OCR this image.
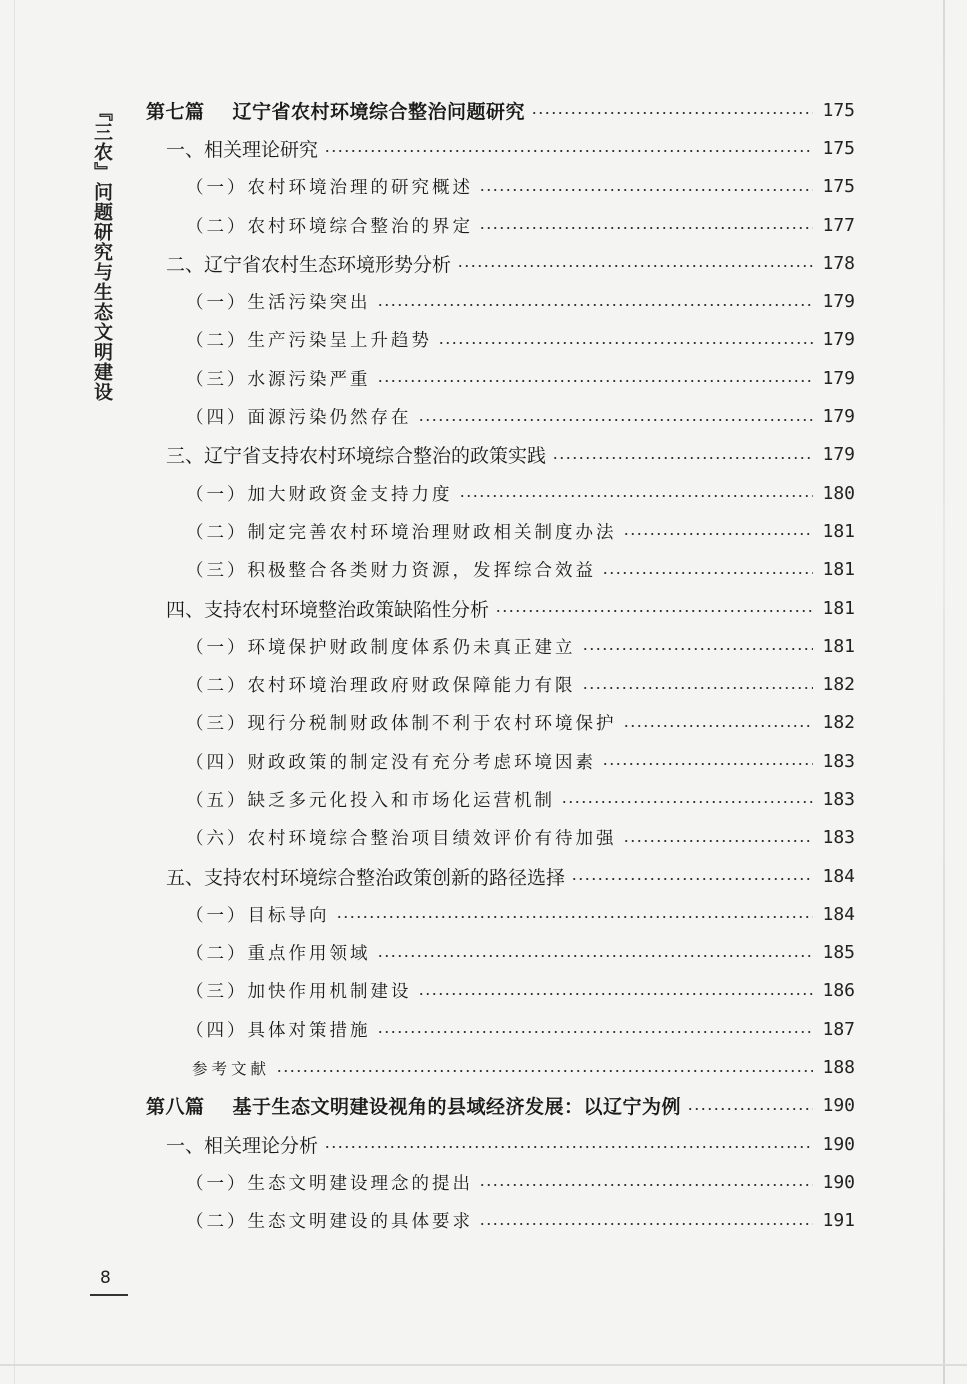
『三农』问题研究与生态文明建设	第七篇 辽宁省农村环境综合整治问题研究	175
一、相关理论研究	175
（一）农村环境治理的研究概述	175
（二）农村环境综合整治的界定	177
二、辽宁省农村生态环境形势分析	178
（一）生活污染突出	179
（二）生产污染呈上升趋势	179
（三）水源污染严重	179
（四）面源污染仍然存在	179
三、辽宁省支持农村环境综合整治的政策实践	179
（一）加大财政资金支持力度	180
（二）制定完善农村环境治理财政相关制度办法	181
（三）积极整合各类财力资源，发挥综合效益	181
四、支持农村环境整治政策缺陷性分析	181
（一）环境保护财政制度体系仍未真正建立	181
（二）农村环境治理政府财政保障能力有限	182
（三）现行分税制财政体制不利于农村环境保护	182
（四）财政政策的制定没有充分考虑环境因素	183
（五）缺乏多元化投入和市场化运营机制	183
（六）农村环境综合整治项目绩效评价有待加强	183
五、支持农村环境综合整治政策创新的路径选择	184
（一）目标导向	184
（二）重点作用领域	185
（三）加快作用机制建设	186
（四）具体对策措施	187
参考文献	188
第八篇 基于生态文明建设视角的县域经济发展：以辽宁为例	190
一、相关理论分析	190
（一）生态文明建设理念的提出	190
（二）生态文明建设的具体要求	191
8
